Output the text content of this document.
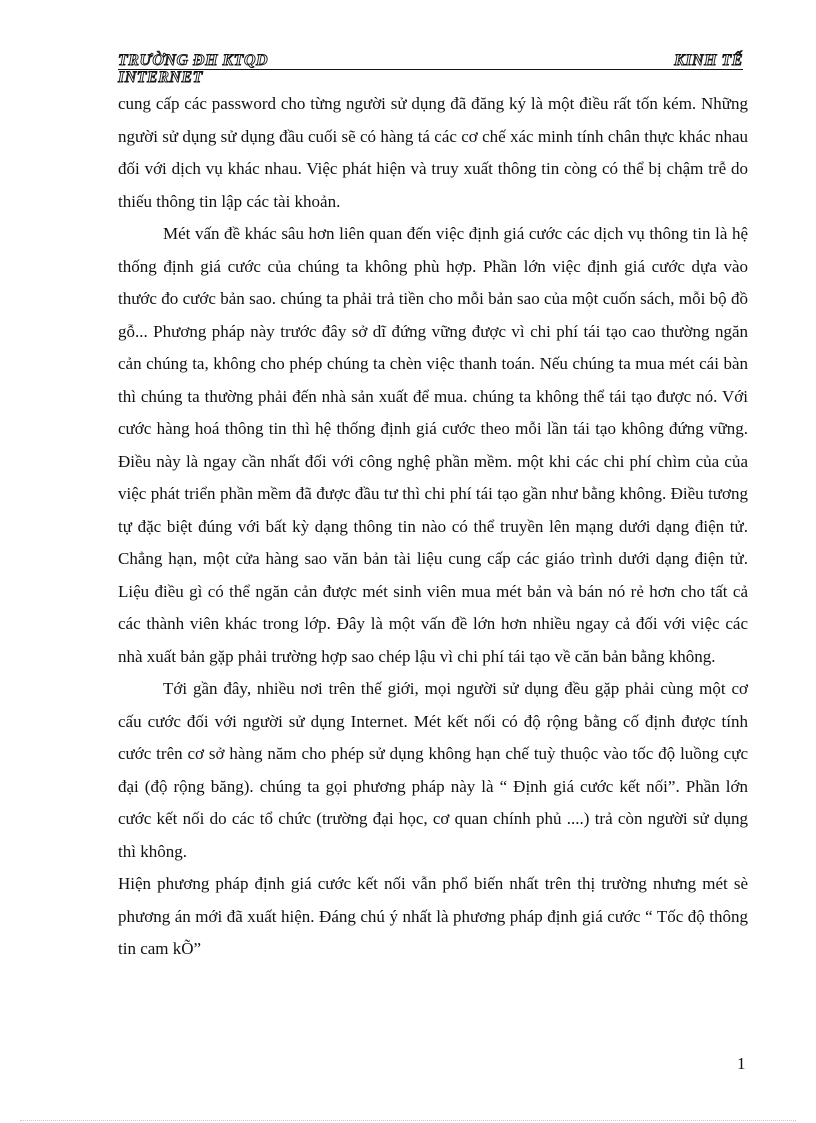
TRƯỜNG ĐH KTQD	KINH TẾ
INTERNET

cung cấp các password cho từng người sử dụng đã đăng ký là một điều rất tốn kém. Những người sử dụng sử dụng đầu cuối sẽ có hàng tá các cơ chế xác minh tính chân thực khác nhau đối với dịch vụ khác nhau. Việc phát hiện và truy xuất thông tin còng có thể bị chậm trễ do thiếu thông tin lập các tài khoản.

Mét vấn đề khác sâu hơn liên quan đến việc định giá cước các dịch vụ thông tin là hệ thống định giá cước của chúng ta không phù hợp. Phần lớn việc định giá cước dựa vào thước đo cước bản sao. chúng ta phải trả tiền cho mỗi bản sao của một cuốn sách, mỗi bộ đồ gỗ... Phương pháp này trước đây sở dĩ đứng vững được vì chi phí tái tạo cao thường ngăn cản chúng ta, không cho phép chúng ta chèn việc thanh toán. Nếu chúng ta mua mét cái bàn thì chúng ta thường phải đến nhà sản xuất để mua. chúng ta không thể tái tạo được nó. Với cước hàng hoá thông tin thì hệ thống định giá cước theo mỗi lần tái tạo không đứng vững. Điều này là ngay cần nhất đối với công nghệ phần mềm. một khi các chi phí chìm của của việc phát triển phần mềm đã được đầu tư thì chi phí tái tạo gần như bằng không. Điều tương tự đặc biệt đúng với bất kỳ dạng thông tin nào có thể truyền lên mạng dưới dạng điện tử. Chẳng hạn, một cửa hàng sao văn bản tài liệu cung cấp các giáo trình dưới dạng điện tử. Liệu điều gì có thể ngăn cản được mét sinh viên mua mét bản và bán nó rẻ hơn cho tất cả các thành viên khác trong lớp. Đây là một vấn đề lớn hơn nhiều ngay cả đối với việc các nhà xuất bản gặp phải trường hợp sao chép lậu vì chi phí tái tạo về căn bản bằng không.

Tới gần đây, nhiều nơi trên thế giới, mọi người sử dụng đều gặp phải cùng một cơ cấu cước đối với người sử dụng Internet. Mét kết nối có độ rộng bằng cố định được tính cước trên cơ sở hàng năm cho phép sử dụng không hạn chế tuỳ thuộc vào tốc độ luồng cực đại (độ rộng băng). chúng ta gọi phương pháp này là “ Định giá cước kết nối”. Phần lớn cước kết nối do các tổ chức (trường đại học, cơ quan chính phủ ....) trả còn người sử dụng thì không.

Hiện phương pháp định giá cước kết nối vẫn phổ biến nhất trên thị trường nhưng mét sè phương án mới đã xuất hiện. Đáng chú ý nhất là phương pháp định giá cước “ Tốc độ thông tin cam kÕ”

1
